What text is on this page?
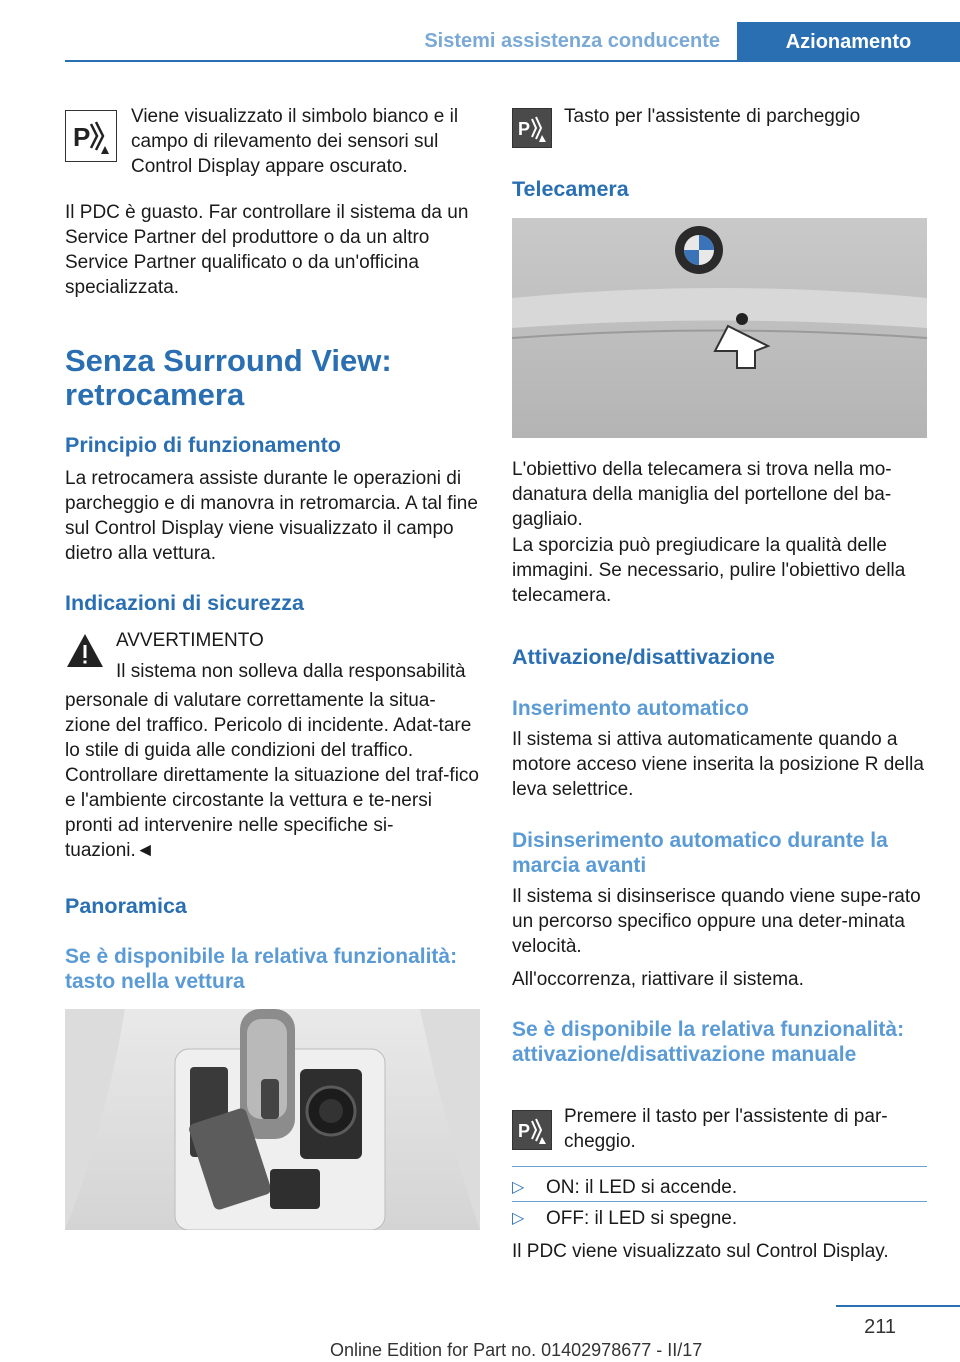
Sistemi assistenza conducente	Azionamento
P

Viene visualizzato il simbolo bianco e il campo di rilevamento dei sensori sul Control Display appare oscurato.

Il PDC è guasto. Far controllare il sistema da un Service Partner del produttore o da un altro Service Partner qualificato o da un'officina specializzata.

Senza Surround View: retrocamera
Principio di funzionamento

La retrocamera assiste durante le operazioni di parcheggio e di manovra in retromarcia. A tal fine sul Control Display viene visualizzato il campo dietro alla vettura.

Indicazioni di sicurezza

AVVERTIMENTO

Il sistema non solleva dalla responsabilità

personale di valutare correttamente la situa-zione del traffico. Pericolo di incidente. Adat-tare lo stile di guida alle condizioni del traffico. Controllare direttamente la situazione del traf-fico e l'ambiente circostante la vettura e te-nersi pronti ad intervenire nelle specifiche si-tuazioni.◄

Panoramica
Se è disponibile la relativa funzionalità: tasto nella vettura
P

Tasto per l'assistente di parcheggio

Telecamera

L'obiettivo della telecamera si trova nella mo-danatura della maniglia del portellone del ba-gagliaio.

La sporcizia può pregiudicare la qualità delle immagini. Se necessario, pulire l'obiettivo della telecamera.

Attivazione/disattivazione
Inserimento automatico

Il sistema si attiva automaticamente quando a motore acceso viene inserita la posizione R della leva selettrice.

Disinserimento automatico durante la marcia avanti

Il sistema si disinserisce quando viene supe-rato un percorso specifico oppure una deter-minata velocità.

All'occorrenza, riattivare il sistema.

Se è disponibile la relativa funzionalità: attivazione/disattivazione manuale
P

Premere il tasto per l'assistente di par-cheggio.

▷ ON: il LED si accende.
▷ OFF: il LED si spegne.

Il PDC viene visualizzato sul Control Display.

211
Online Edition for Part no. 01402978677 - II/17
